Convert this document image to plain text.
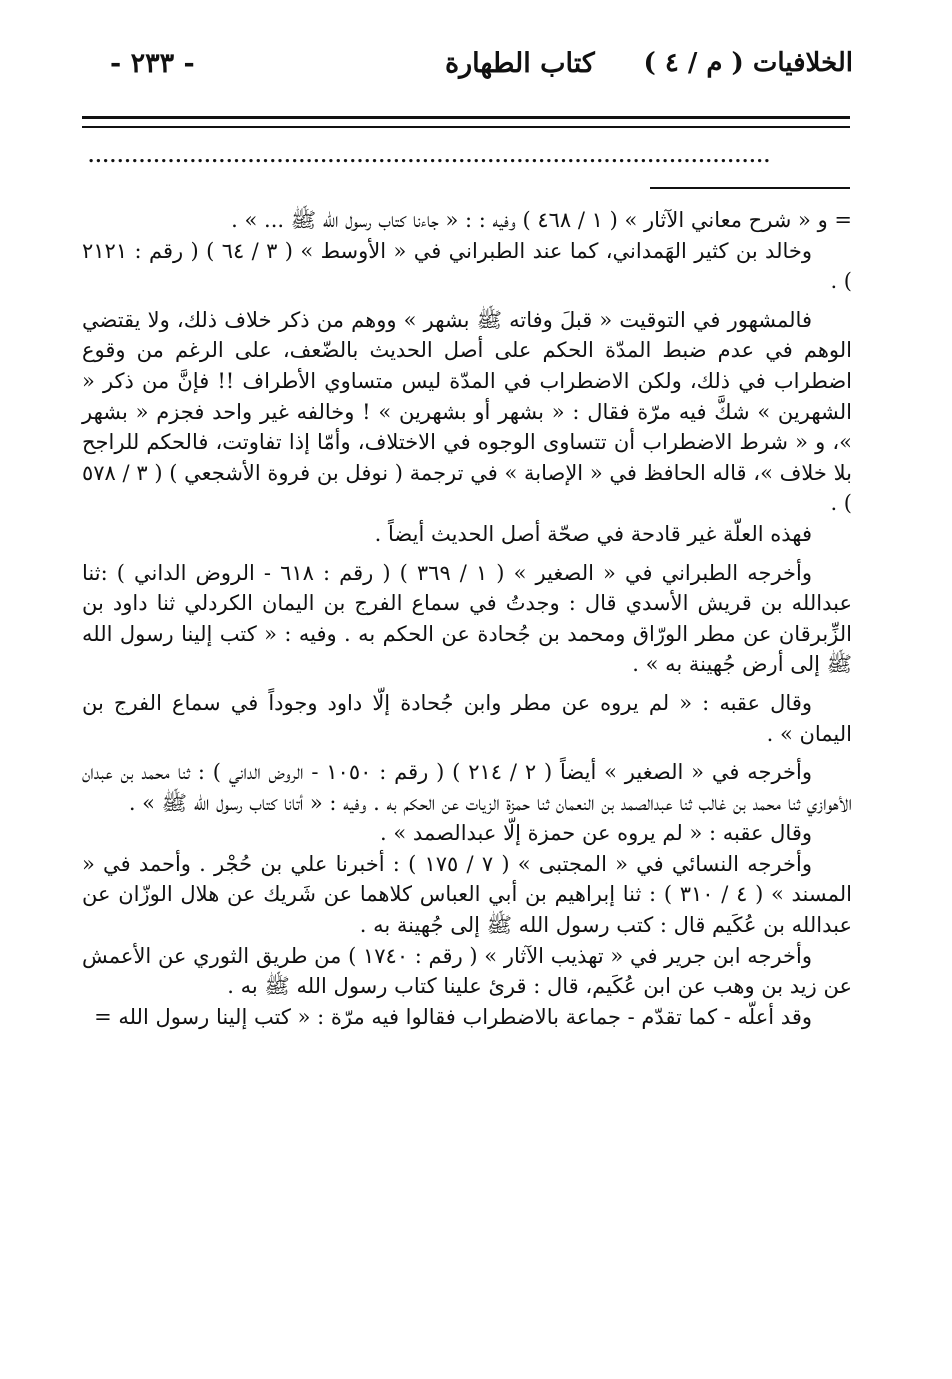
- ٢٣٣ -	كتاب الطهارة الخلافيات ( م / ٤ )
..............................................................................................

= و « شرح معاني الآثار » ( ١ / ٤٦٨ ) وفيه : : « جاءنا كتاب رسول الله ﷺ ... » .

وخالد بن كثير الهَمداني، كما عند الطبراني في « الأوسط » ( ٣ / ٦٤ ) ( رقم : ٢١٢١ ) .

فالمشهور في التوقيت « قبلَ وفاته ﷺ بشهر » ووهم من ذكر خلاف ذلك، ولا يقتضي الوهم في عدم ضبط المدّة الحكم على أصل الحديث بالضّعف، على الرغم من وقوع اضطراب في ذلك، ولكن الاضطراب في المدّة ليس متساوي الأطراف !! فإنَّ من ذكر « الشهرين » شكَّ فيه مرّة فقال : « بشهر أو بشهرين » ! وخالفه غير واحد فجزم « بشهر »، و « شرط الاضطراب أن تتساوى الوجوه في الاختلاف، وأمّا إذا تفاوتت، فالحكم للراجح بلا خلاف »، قاله الحافظ في « الإصابة » في ترجمة ( نوفل بن فروة الأشجعي ) ( ٣ / ٥٧٨ ) .

فهذه العلّة غير قادحة في صحّة أصل الحديث أيضاً .

وأخرجه الطبراني في « الصغير » ( ١ / ٣٦٩ ) ( رقم : ٦١٨ - الروض الداني ) :ثنا عبدالله بن قريش الأسدي قال : وجدتُ في سماع الفرج بن اليمان الكردلي ثنا داود بن الزِّبرقان عن مطر الورّاق ومحمد بن جُحادة عن الحكم به . وفيه : « كتب إلينا رسول الله ﷺ إلى أرض جُهينة به » .

وقال عقبه : « لم يروه عن مطر وابن جُحادة إلّا داود وجوداً في سماع الفرج بن اليمان » .

وأخرجه في « الصغير » أيضاً ( ٢ / ٢١٤ ) ( رقم : ١٠٥٠ - الروض الداني ) : ثنا محمد بن عبدان الأهوازي ثنا محمد بن غالب ثنا عبدالصمد بن النعمان ثنا حمزة الزيات عن الحكم به . وفيه : « أتانا كتاب رسول الله ﷺ » .

وقال عقبه : « لم يروه عن حمزة إلّا عبدالصمد » .

وأخرجه النسائي في « المجتبى » ( ٧ / ١٧٥ ) : أخبرنا علي بن حُجْر . وأحمد في « المسند » ( ٤ / ٣١٠ ) : ثنا إبراهيم بن أبي العباس كلاهما عن شَريك عن هلال الوزّان عن عبدالله بن عُكَيم قال : كتب رسول الله ﷺ إلى جُهينة به .

وأخرجه ابن جرير في « تهذيب الآثار » ( رقم : ١٧٤٠ ) من طريق الثوري عن الأعمش عن زيد بن وهب عن ابن عُكَيم، قال : قرئ علينا كتاب رسول الله ﷺ به .

وقد أعلّه - كما تقدّم - جماعة بالاضطراب فقالوا فيه مرّة : « كتب إلينا رسول الله =
